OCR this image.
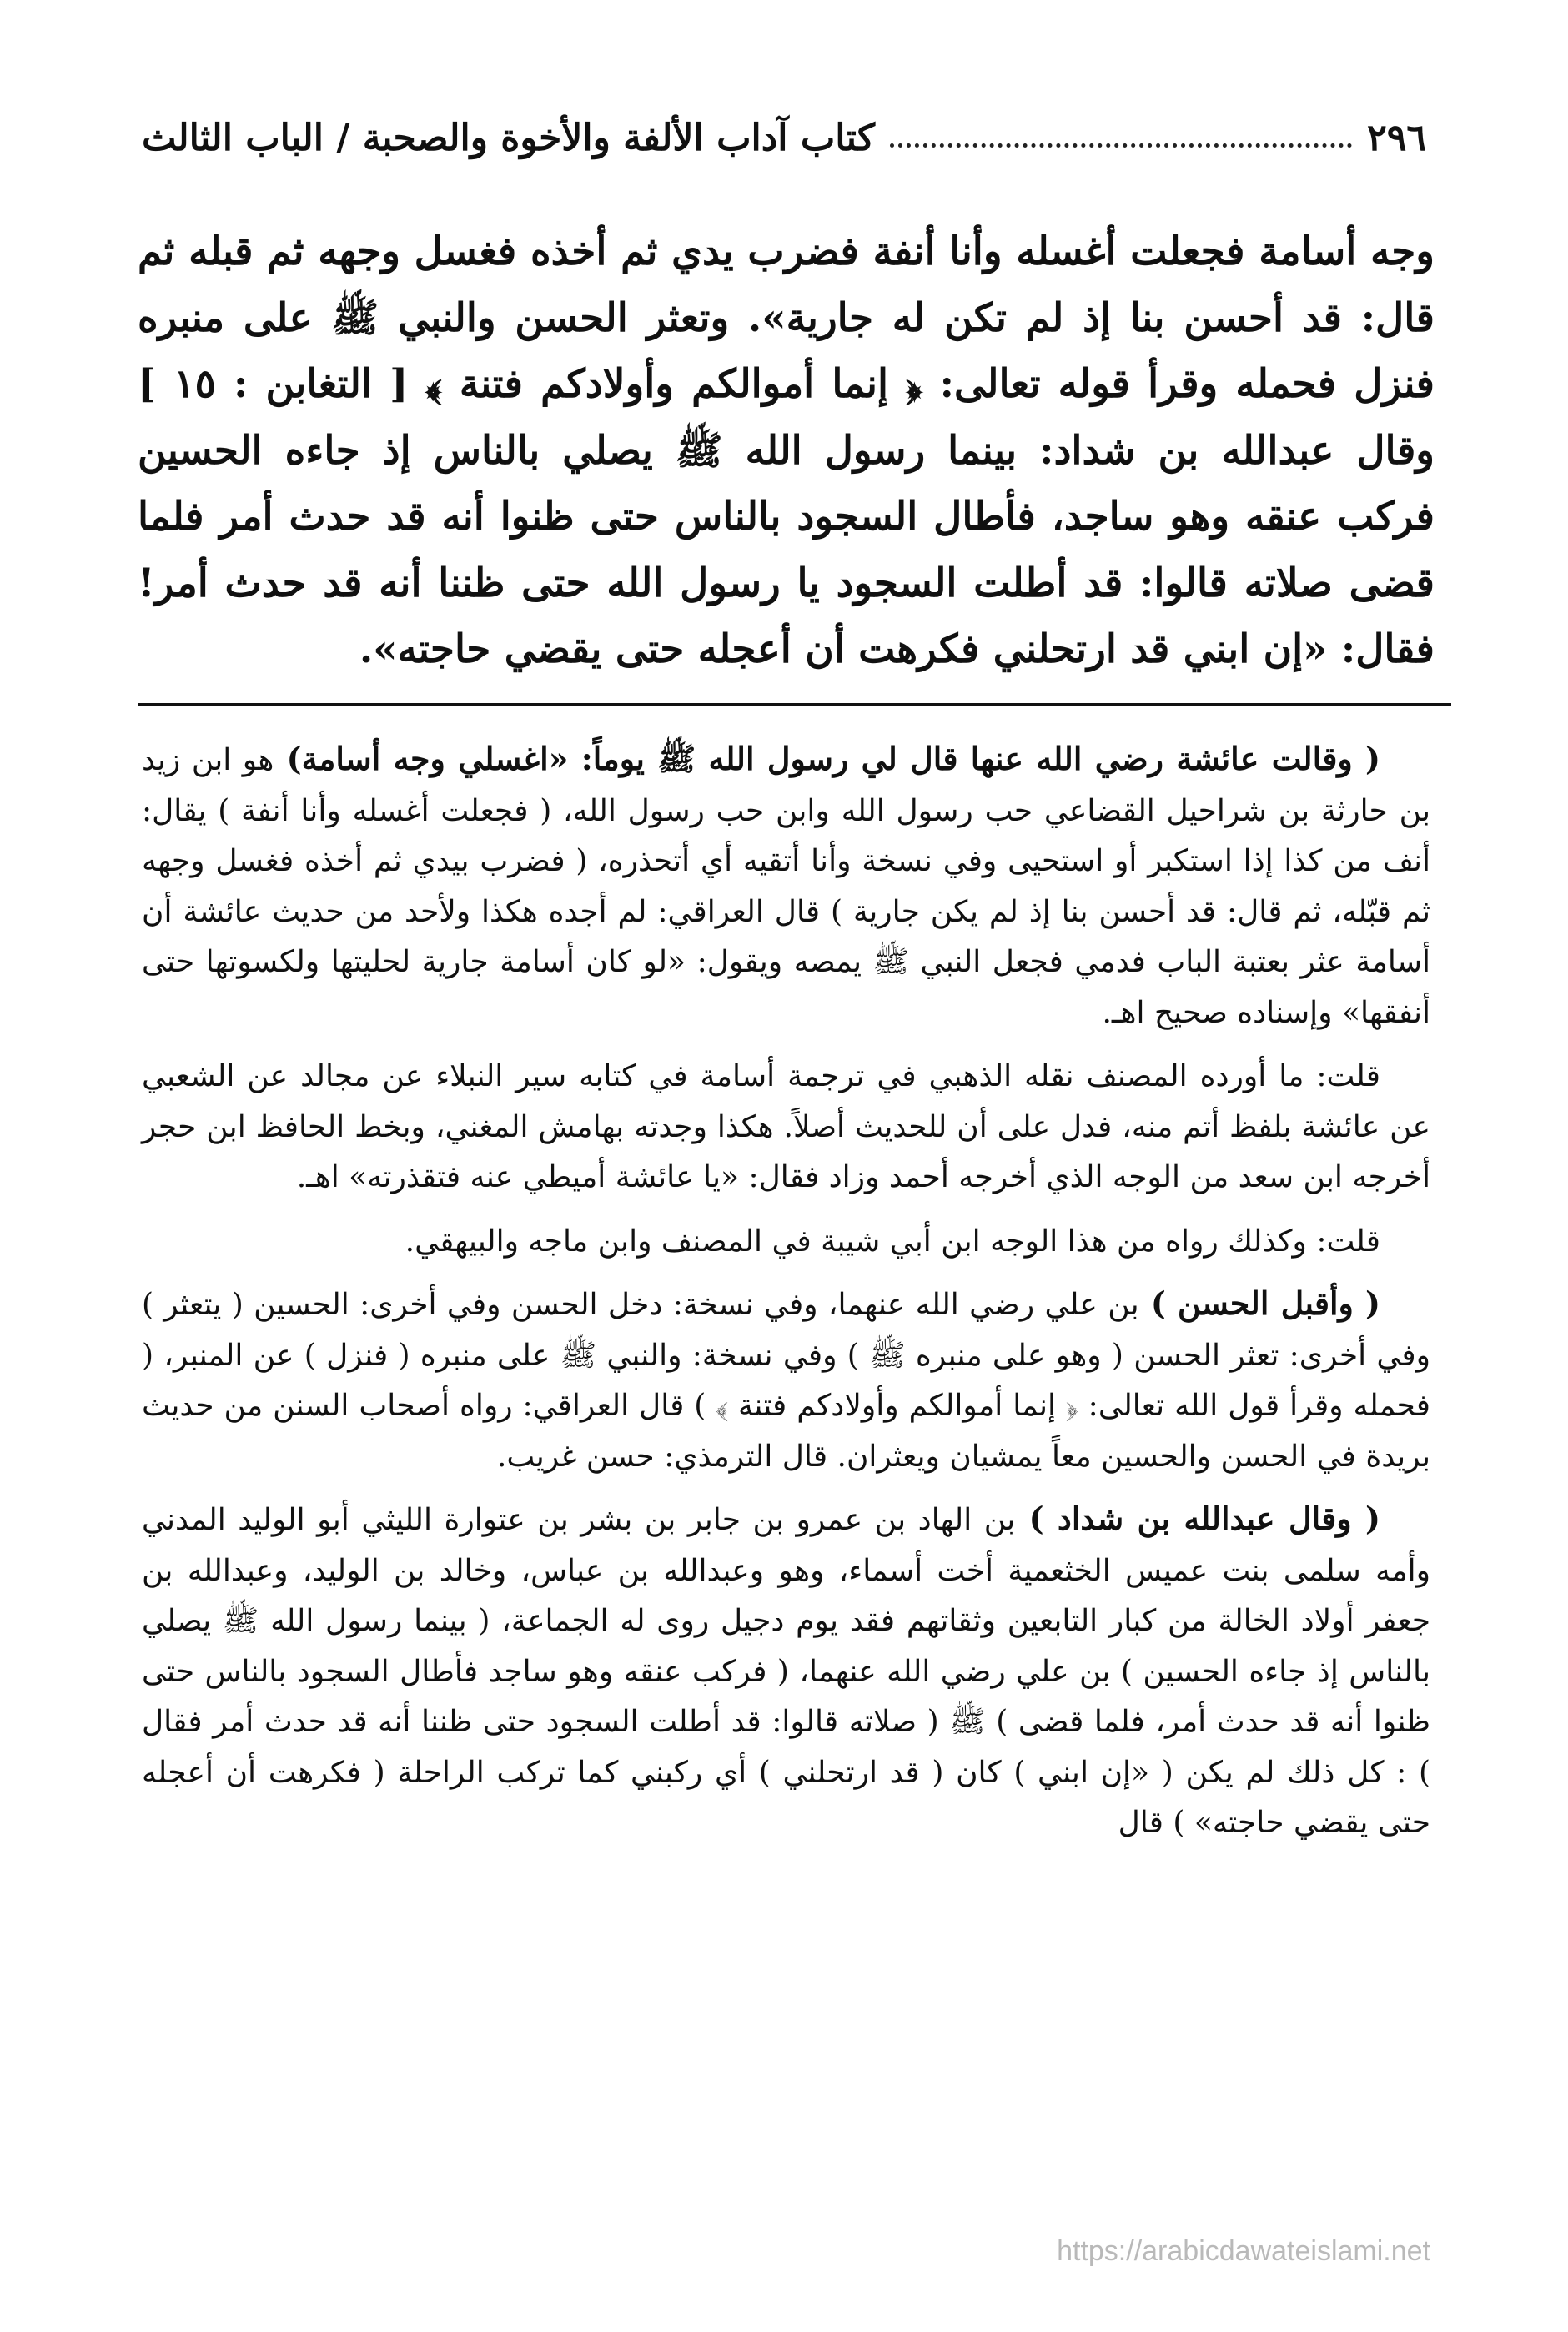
٢٩٦
كتاب آداب الألفة والأخوة والصحبة / الباب الثالث

وجه أسامة فجعلت أغسله وأنا أنفة فضرب يدي ثم أخذه فغسل وجهه ثم قبله ثم قال: قد أحسن بنا إذ لم تكن له جارية». وتعثر الحسن والنبي ﷺ على منبره فنزل فحمله وقرأ قوله تعالى: ﴿ إنما أموالكم وأولادكم فتنة ﴾ [ التغابن : ١٥ ] وقال عبدالله بن شداد: بينما رسول الله ﷺ يصلي بالناس إذ جاءه الحسين فركب عنقه وهو ساجد، فأطال السجود بالناس حتى ظنوا أنه قد حدث أمر فلما قضى صلاته قالوا: قد أطلت السجود يا رسول الله حتى ظننا أنه قد حدث أمر! فقال: «إن ابني قد ارتحلني فكرهت أن أعجله حتى يقضي حاجته».

( وقالت عائشة رضي الله عنها قال لي رسول الله ﷺ يوماً: «اغسلي وجه أسامة) هو ابن زيد بن حارثة بن شراحيل القضاعي حب رسول الله وابن حب رسول الله، ( فجعلت أغسله وأنا أنفة ) يقال: أنف من كذا إذا استكبر أو استحيى وفي نسخة وأنا أتقيه أي أتحذره، ( فضرب بيدي ثم أخذه فغسل وجهه ثم قبّله، ثم قال: قد أحسن بنا إذ لم يكن جارية ) قال العراقي: لم أجده هكذا ولأحد من حديث عائشة أن أسامة عثر بعتبة الباب فدمي فجعل النبي ﷺ يمصه ويقول: «لو كان أسامة جارية لحليتها ولكسوتها حتى أنفقها» وإسناده صحيح اهـ.

قلت: ما أورده المصنف نقله الذهبي في ترجمة أسامة في كتابه سير النبلاء عن مجالد عن الشعبي عن عائشة بلفظ أتم منه، فدل على أن للحديث أصلاً. هكذا وجدته بهامش المغني، وبخط الحافظ ابن حجر أخرجه ابن سعد من الوجه الذي أخرجه أحمد وزاد فقال: «يا عائشة أميطي عنه فتقذرته» اهـ.

قلت: وكذلك رواه من هذا الوجه ابن أبي شيبة في المصنف وابن ماجه والبيهقي.

( وأقبل الحسن ) بن علي رضي الله عنهما، وفي نسخة: دخل الحسن وفي أخرى: الحسين ( يتعثر ) وفي أخرى: تعثر الحسن ( وهو على منبره ﷺ ) وفي نسخة: والنبي ﷺ على منبره ( فنزل ) عن المنبر، ( فحمله وقرأ قول الله تعالى: ﴿ إنما أموالكم وأولادكم فتنة ﴾ ) قال العراقي: رواه أصحاب السنن من حديث بريدة في الحسن والحسين معاً يمشيان ويعثران. قال الترمذي: حسن غريب.

( وقال عبدالله بن شداد ) بن الهاد بن عمرو بن جابر بن بشر بن عتوارة الليثي أبو الوليد المدني وأمه سلمى بنت عميس الخثعمية أخت أسماء، وهو وعبدالله بن عباس، وخالد بن الوليد، وعبدالله بن جعفر أولاد الخالة من كبار التابعين وثقاتهم فقد يوم دجيل روى له الجماعة، ( بينما رسول الله ﷺ يصلي بالناس إذ جاءه الحسين ) بن علي رضي الله عنهما، ( فركب عنقه وهو ساجد فأطال السجود بالناس حتى ظنوا أنه قد حدث أمر، فلما قضى ) ﷺ ( صلاته قالوا: قد أطلت السجود حتى ظننا أنه قد حدث أمر فقال ) : كل ذلك لم يكن ( «إن ابني ) كان ( قد ارتحلني ) أي ركبني كما تركب الراحلة ( فكرهت أن أعجله حتى يقضي حاجته» ) قال

https://arabicdawateislami.net
